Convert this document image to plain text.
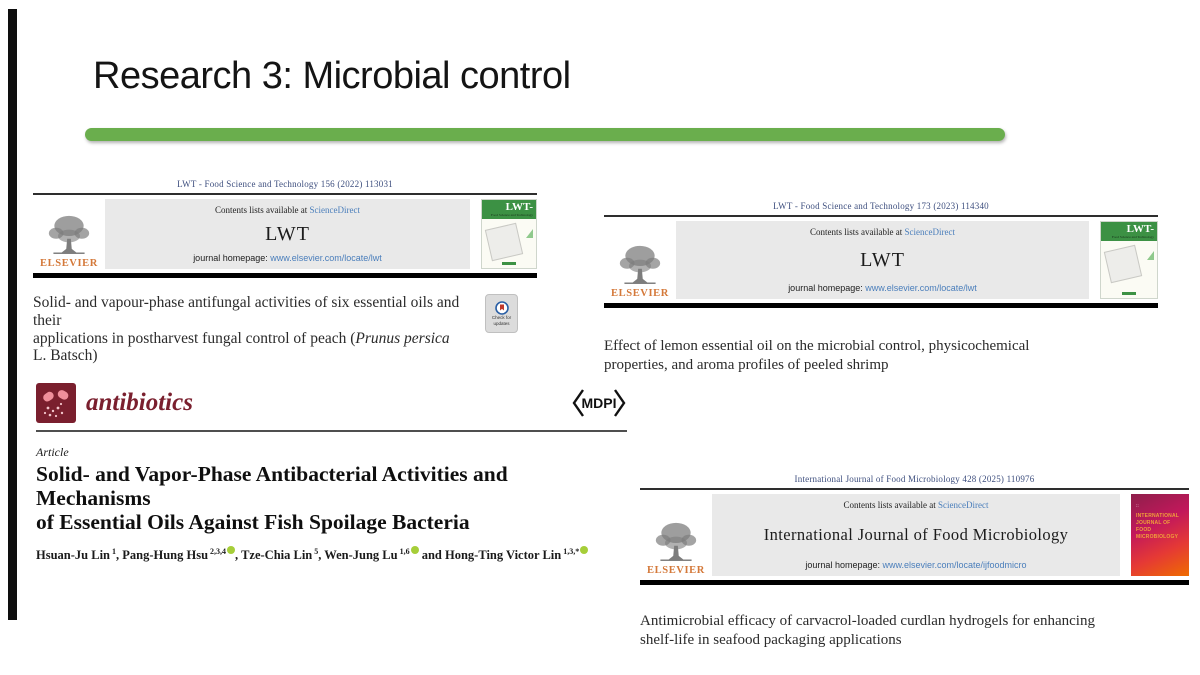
Research 3: Microbial control
LWT - Food Science and Technology 156 (2022) 113031
ELSEVIER
Contents lists available at ScienceDirect
LWT
journal homepage: www.elsevier.com/locate/lwt
LWT-
Food Science and Technology
Solid- and vapour-phase antifungal activities of six essential oils and their
applications in postharvest fungal control of peach (Prunus persica
L. Batsch)
Check for
updates
antibiotics	MDPI
Article
Solid- and Vapor-Phase Antibacterial Activities and Mechanisms
of Essential Oils Against Fish Spoilage Bacteria
Hsuan-Ju Lin $^1$, Pang-Hung Hsu $^{2,3,4}$ , Tze-Chia Lin $^5$, Wen-Jung Lu $^{1,6}$ and Hong-Ting Victor Lin $^{1,3,*}$
LWT - Food Science and Technology 173 (2023) 114340
ELSEVIER
Contents lists available at ScienceDirect
LWT
journal homepage: www.elsevier.com/locate/lwt
LWT-
Food Science and Technology
Effect of lemon essential oil on the microbial control, physicochemical
properties, and aroma profiles of peeled shrimp
International Journal of Food Microbiology 428 (2025) 110976
ELSEVIER
Contents lists available at ScienceDirect
International Journal of Food Microbiology
journal homepage: www.elsevier.com/locate/ijfoodmicro
::
INTERNATIONAL
JOURNAL OF FOOD
MICROBIOLOGY
Antimicrobial efficacy of carvacrol-loaded curdlan hydrogels for enhancing
shelf-life in seafood packaging applications
